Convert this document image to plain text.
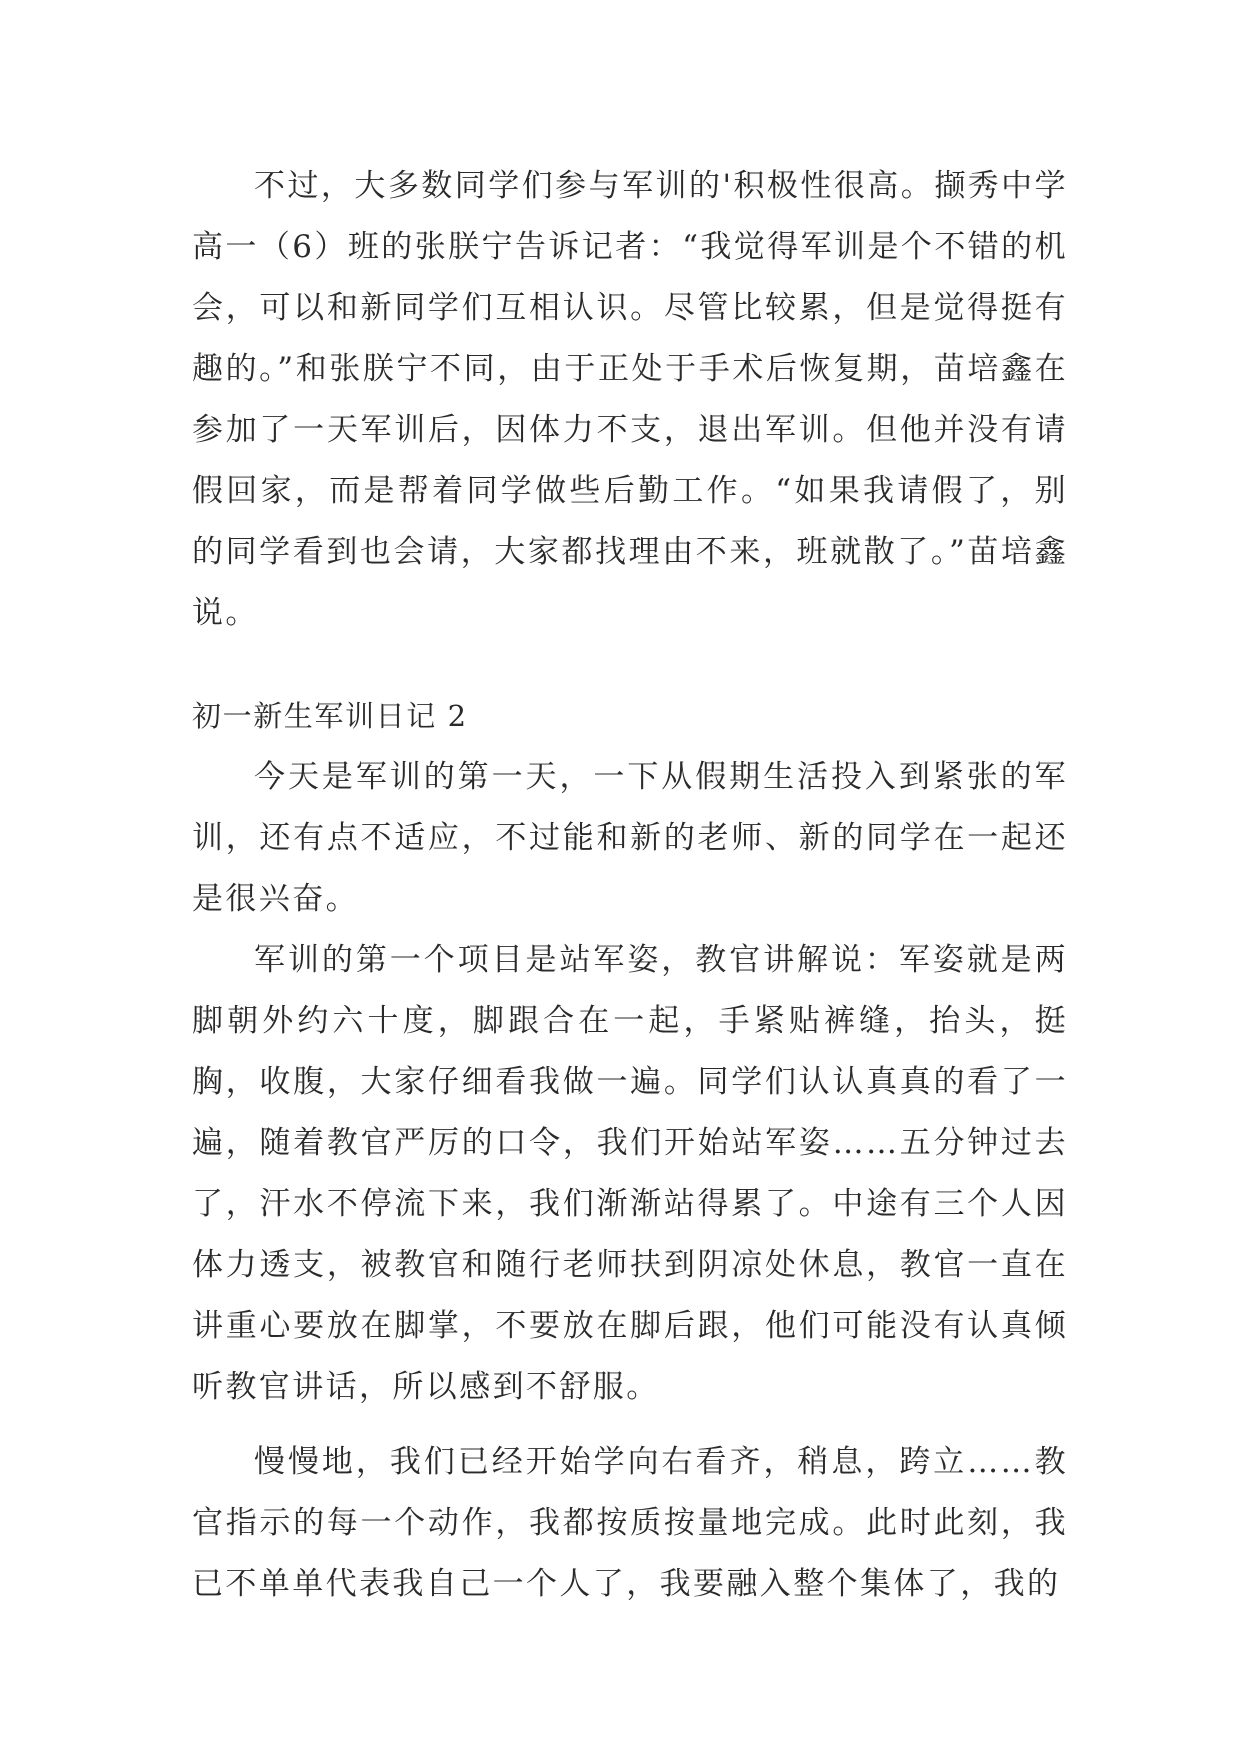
不过，大多数同学们参与军训的'积极性很高。撷秀中学高一（6）班的张朕宁告诉记者：“我觉得军训是个不错的机会，可以和新同学们互相认识。尽管比较累，但是觉得挺有趣的。”和张朕宁不同，由于正处于手术后恢复期，苗培鑫在参加了一天军训后，因体力不支，退出军训。但他并没有请假回家，而是帮着同学做些后勤工作。“如果我请假了，别的同学看到也会请，大家都找理由不来，班就散了。”苗培鑫说。

初一新生军训日记 2

今天是军训的第一天，一下从假期生活投入到紧张的军训，还有点不适应，不过能和新的老师、新的同学在一起还是很兴奋。

军训的第一个项目是站军姿，教官讲解说：军姿就是两脚朝外约六十度，脚跟合在一起，手紧贴裤缝，抬头，挺胸，收腹，大家仔细看我做一遍。同学们认认真真的看了一遍，随着教官严厉的口令，我们开始站军姿……五分钟过去了，汗水不停流下来，我们渐渐站得累了。中途有三个人因体力透支，被教官和随行老师扶到阴凉处休息，教官一直在讲重心要放在脚掌，不要放在脚后跟，他们可能没有认真倾听教官讲话，所以感到不舒服。

慢慢地，我们已经开始学向右看齐，稍息，跨立……教官指示的每一个动作，我都按质按量地完成。此时此刻，我已不单单代表我自己一个人了，我要融入整个集体了，我的
